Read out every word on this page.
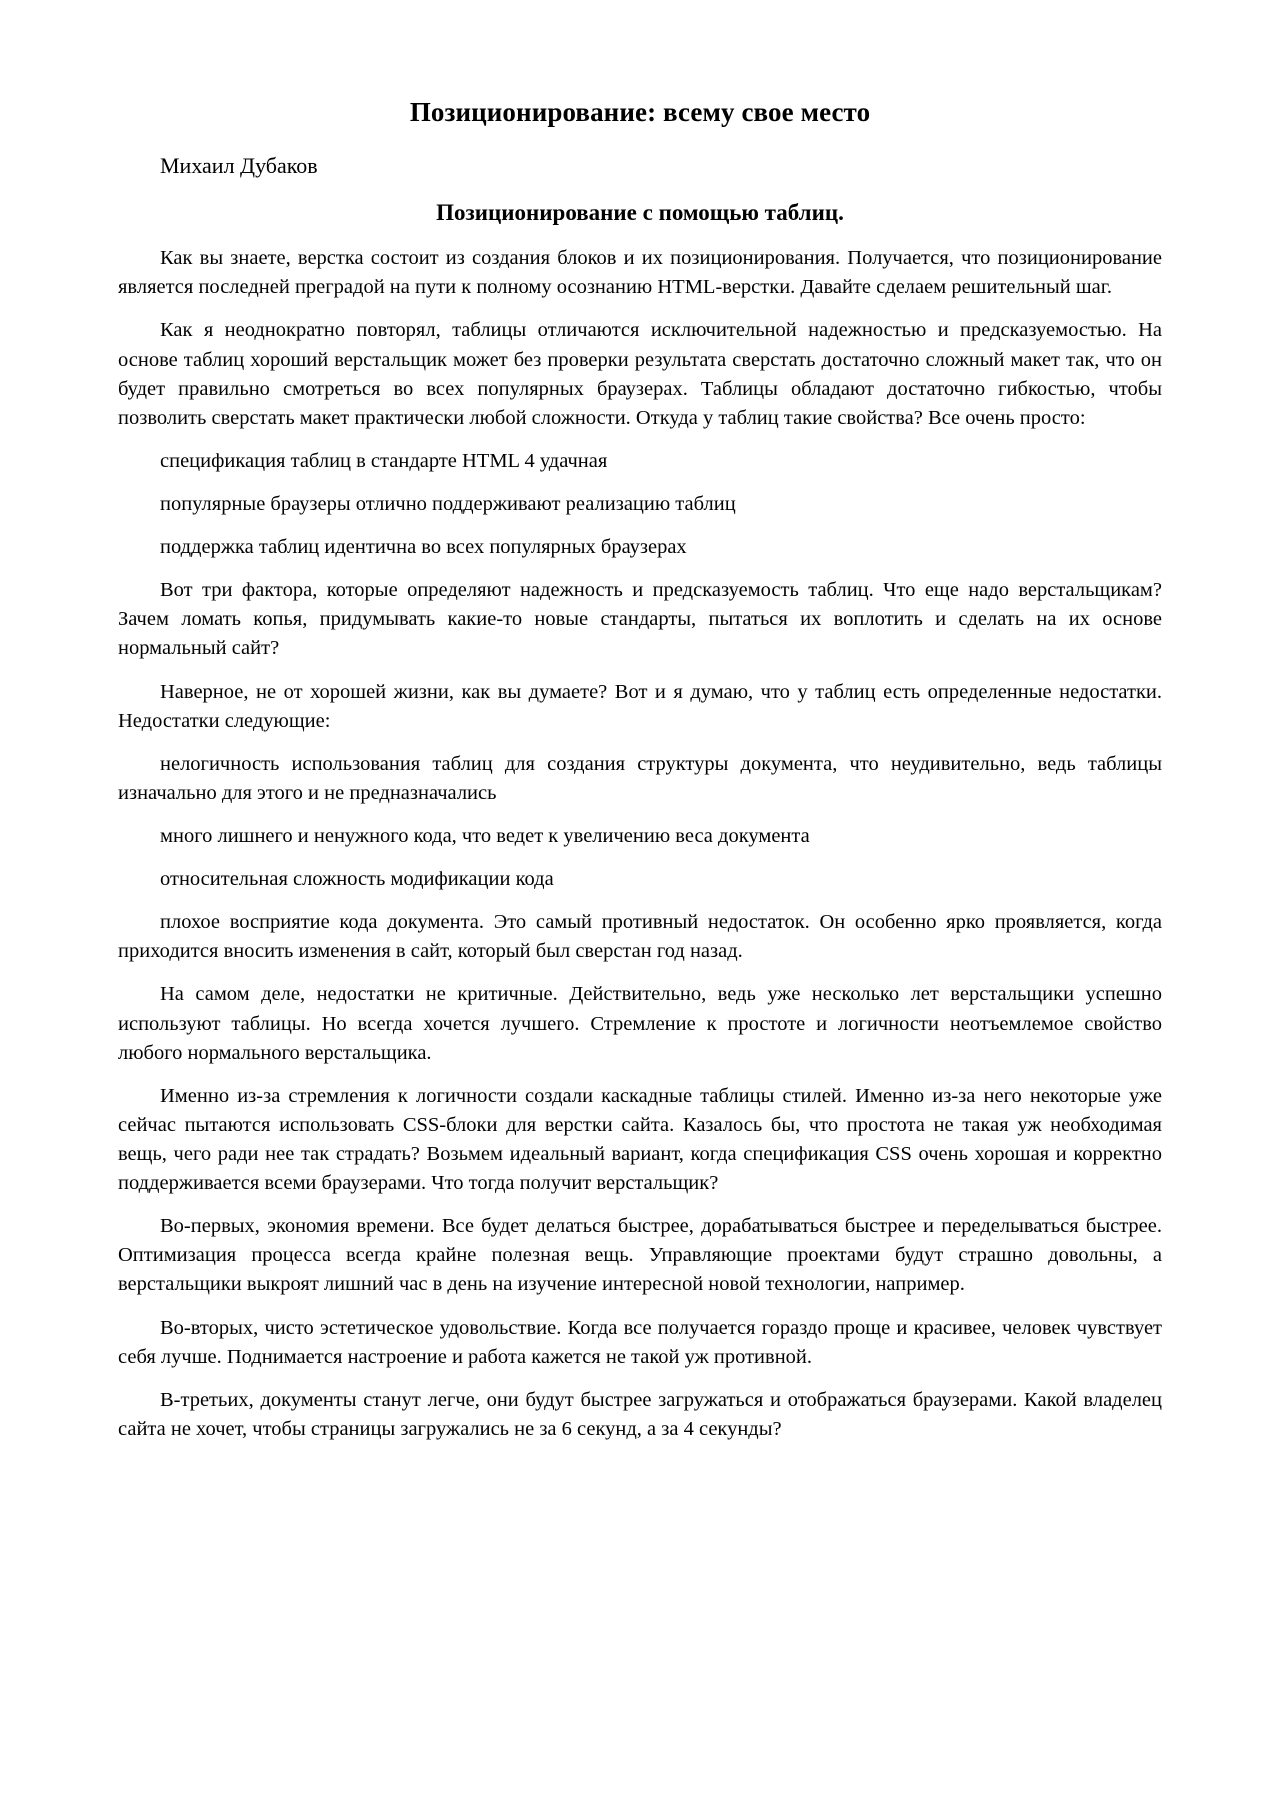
Позиционирование: всему свое место
Михаил Дубаков
Позиционирование с помощью таблиц.

Как вы знаете, верстка состоит из создания блоков и их позиционирования. Получается, что позиционирование является последней преградой на пути к полному осознанию HTML-верстки. Давайте сделаем решительный шаг.

Как я неоднократно повторял, таблицы отличаются исключительной надежностью и предсказуемостью. На основе таблиц хороший верстальщик может без проверки результата сверстать достаточно сложный макет так, что он будет правильно смотреться во всех популярных браузерах. Таблицы обладают достаточно гибкостью, чтобы позволить сверстать макет практически любой сложности. Откуда у таблиц такие свойства? Все очень просто:

спецификация таблиц в стандарте HTML 4 удачная

популярные браузеры отлично поддерживают реализацию таблиц

поддержка таблиц идентична во всех популярных браузерах

Вот три фактора, которые определяют надежность и предсказуемость таблиц. Что еще надо верстальщикам? Зачем ломать копья, придумывать какие-то новые стандарты, пытаться их воплотить и сделать на их основе нормальный сайт?

Наверное, не от хорошей жизни, как вы думаете? Вот и я думаю, что у таблиц есть определенные недостатки. Недостатки следующие:

нелогичность использования таблиц для создания структуры документа, что неудивительно, ведь таблицы изначально для этого и не предназначались

много лишнего и ненужного кода, что ведет к увеличению веса документа

относительная сложность модификации кода

плохое восприятие кода документа. Это самый противный недостаток. Он особенно ярко проявляется, когда приходится вносить изменения в сайт, который был сверстан год назад.

На самом деле, недостатки не критичные. Действительно, ведь уже несколько лет верстальщики успешно используют таблицы. Но всегда хочется лучшего. Стремление к простоте и логичности неотъемлемое свойство любого нормального верстальщика.

Именно из-за стремления к логичности создали каскадные таблицы стилей. Именно из-за него некоторые уже сейчас пытаются использовать CSS-блоки для верстки сайта. Казалось бы, что простота не такая уж необходимая вещь, чего ради нее так страдать? Возьмем идеальный вариант, когда спецификация CSS очень хорошая и корректно поддерживается всеми браузерами. Что тогда получит верстальщик?

Во-первых, экономия времени. Все будет делаться быстрее, дорабатываться быстрее и переделываться быстрее. Оптимизация процесса всегда крайне полезная вещь. Управляющие проектами будут страшно довольны, а верстальщики выкроят лишний час в день на изучение интересной новой технологии, например.

Во-вторых, чисто эстетическое удовольствие. Когда все получается гораздо проще и красивее, человек чувствует себя лучше. Поднимается настроение и работа кажется не такой уж противной.

В-третьих, документы станут легче, они будут быстрее загружаться и отображаться браузерами. Какой владелец сайта не хочет, чтобы страницы загружались не за 6 секунд, а за 4 секунды?
